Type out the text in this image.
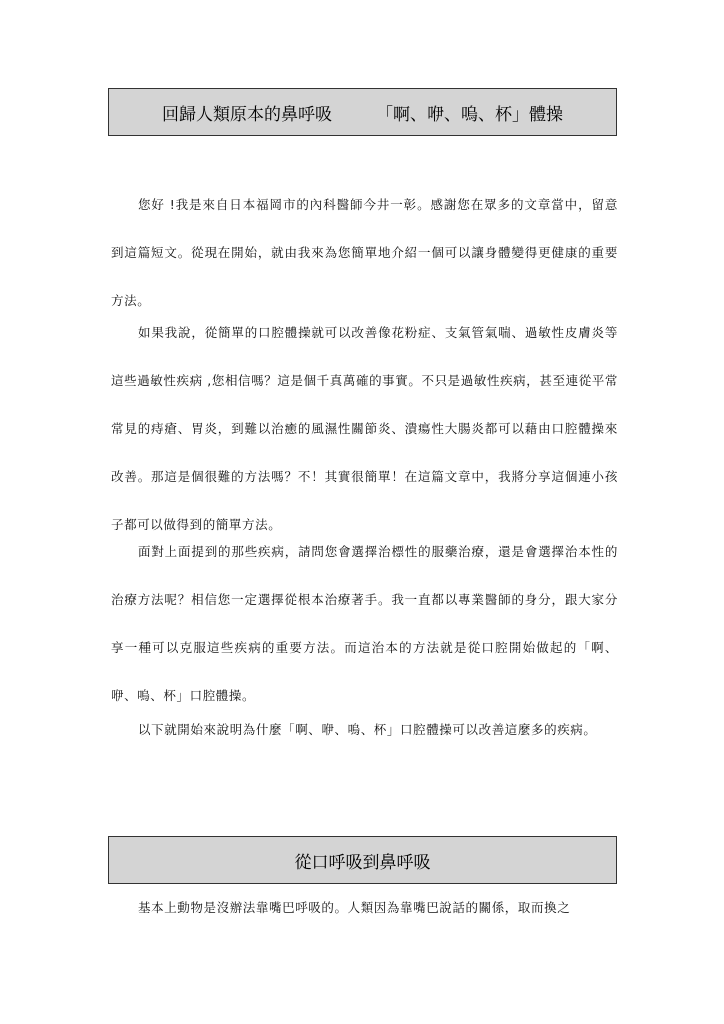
回歸人類原本的鼻呼吸	「啊、咿、嗚、杯」體操

您好 !我是來自日本福岡市的內科醫師今井一彰。感謝您在眾多的文章當中，留意到這篇短文。從現在開始，就由我來為您簡單地介紹一個可以讓身體變得更健康的重要方法。

如果我說，從簡單的口腔體操就可以改善像花粉症、支氣管氣喘、過敏性皮膚炎等這些過敏性疾病 ,您相信嗎？這是個千真萬確的事實。不只是過敏性疾病，甚至連從平常常見的痔瘡、胃炎，到難以治癒的風濕性關節炎、潰瘍性大腸炎都可以藉由口腔體操來改善。那這是個很難的方法嗎？不！其實很簡單！在這篇文章中，我將分享這個連小孩子都可以做得到的簡單方法。

面對上面提到的那些疾病，請問您會選擇治標性的服藥治療，還是會選擇治本性的治療方法呢？相信您一定選擇從根本治療著手。我一直都以專業醫師的身分，跟大家分享一種可以克服這些疾病的重要方法。而這治本的方法就是從口腔開始做起的「啊、咿、嗚、杯」口腔體操。

以下就開始來說明為什麼「啊、咿、嗚、杯」口腔體操可以改善這麼多的疾病。

從口呼吸到鼻呼吸

基本上動物是沒辦法靠嘴巴呼吸的。人類因為靠嘴巴說話的關係，取而換之
